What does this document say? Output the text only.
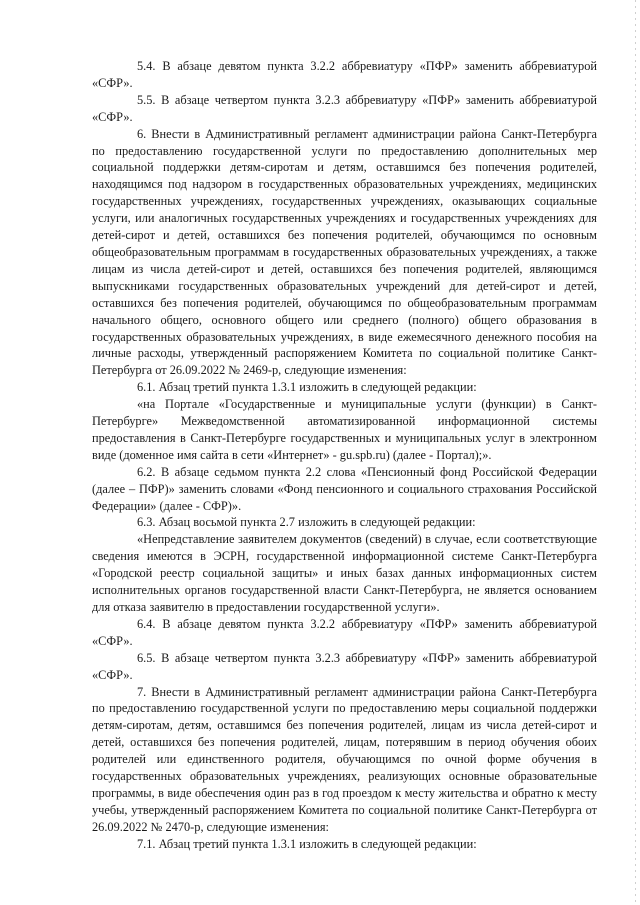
5.4. В абзаце девятом пункта 3.2.2 аббревиатуру «ПФР» заменить аббревиатурой «СФР».

5.5. В абзаце четвертом пункта 3.2.3 аббревиатуру «ПФР» заменить аббревиатурой «СФР».

6. Внести в Административный регламент администрации района Санкт-Петербурга по предоставлению государственной услуги по предоставлению дополнительных мер социальной поддержки детям-сиротам и детям, оставшимся без попечения родителей, находящимся под надзором в государственных образовательных учреждениях, медицинских государственных учреждениях, государственных учреждениях, оказывающих социальные услуги, или аналогичных государственных учреждениях и государственных учреждениях для детей-сирот и детей, оставшихся без попечения родителей, обучающимся по основным общеобразовательным программам в государственных образовательных учреждениях, а также лицам из числа детей-сирот и детей, оставшихся без попечения родителей, являющимся выпускниками государственных образовательных учреждений для детей-сирот и детей, оставшихся без попечения родителей, обучающимся по общеобразовательным программам начального общего, основного общего или среднего (полного) общего образования в государственных образовательных учреждениях, в виде ежемесячного денежного пособия на личные расходы, утвержденный распоряжением Комитета по социальной политике Санкт-Петербурга от 26.09.2022 № 2469-р, следующие изменения:

6.1. Абзац третий пункта 1.3.1 изложить в следующей редакции:

«на Портале «Государственные и муниципальные услуги (функции) в Санкт-Петербурге» Межведомственной автоматизированной информационной системы предоставления в Санкт-Петербурге государственных и муниципальных услуг в электронном виде (доменное имя сайта в сети «Интернет» - gu.spb.ru) (далее - Портал);».

6.2. В абзаце седьмом пункта 2.2 слова «Пенсионный фонд Российской Федерации (далее – ПФР)» заменить словами «Фонд пенсионного и социального страхования Российской Федерации» (далее - СФР)».

6.3. Абзац восьмой пункта 2.7 изложить в следующей редакции:

«Непредставление заявителем документов (сведений) в случае, если соответствующие сведения имеются в ЭСРН, государственной информационной системе Санкт-Петербурга «Городской реестр социальной защиты» и иных базах данных информационных систем исполнительных органов государственной власти Санкт-Петербурга, не является основанием для отказа заявителю в предоставлении государственной услуги».

6.4. В абзаце девятом пункта 3.2.2 аббревиатуру «ПФР» заменить аббревиатурой «СФР».

6.5. В абзаце четвертом пункта 3.2.3 аббревиатуру «ПФР» заменить аббревиатурой «СФР».

7. Внести в Административный регламент администрации района Санкт-Петербурга по предоставлению государственной услуги по предоставлению меры социальной поддержки детям-сиротам, детям, оставшимся без попечения родителей, лицам из числа детей-сирот и детей, оставшихся без попечения родителей, лицам, потерявшим в период обучения обоих родителей или единственного родителя, обучающимся по очной форме обучения в государственных образовательных учреждениях, реализующих основные образовательные программы, в виде обеспечения один раз в год проездом к месту жительства и обратно к месту учебы, утвержденный распоряжением Комитета по социальной политике Санкт-Петербурга от 26.09.2022 № 2470-р, следующие изменения:

7.1. Абзац третий пункта 1.3.1 изложить в следующей редакции:
